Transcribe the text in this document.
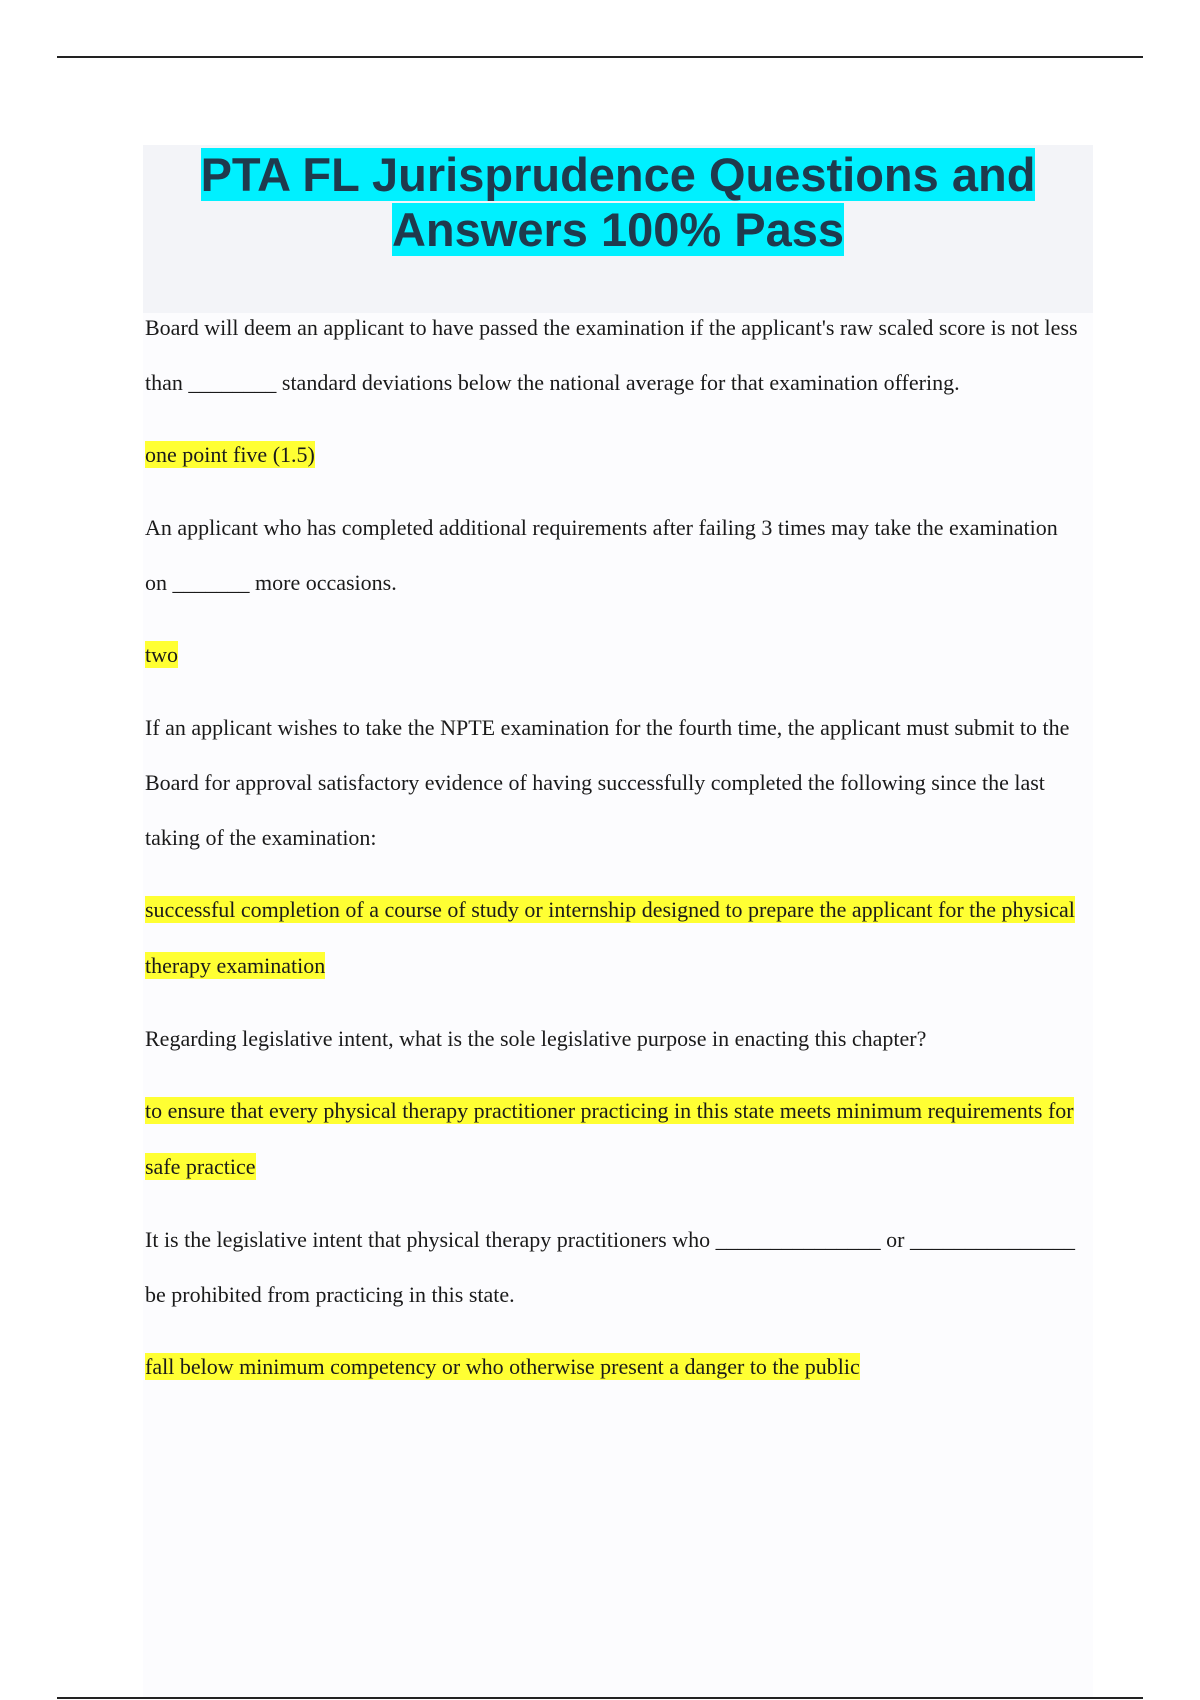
PTA FL Jurisprudence Questions and Answers 100% Pass

Board will deem an applicant to have passed the examination if the applicant's raw scaled score is not less than ________ standard deviations below the national average for that examination offering.

one point five (1.5)

An applicant who has completed additional requirements after failing 3 times may take the examination on _______ more occasions.

two

If an applicant wishes to take the NPTE examination for the fourth time, the applicant must submit to the Board for approval satisfactory evidence of having successfully completed the following since the last taking of the examination:

successful completion of a course of study or internship designed to prepare the applicant for the physical therapy examination

Regarding legislative intent, what is the sole legislative purpose in enacting this chapter?

to ensure that every physical therapy practitioner practicing in this state meets minimum requirements for safe practice

It is the legislative intent that physical therapy practitioners who _______________ or _______________ be prohibited from practicing in this state.

fall below minimum competency or who otherwise present a danger to the public
